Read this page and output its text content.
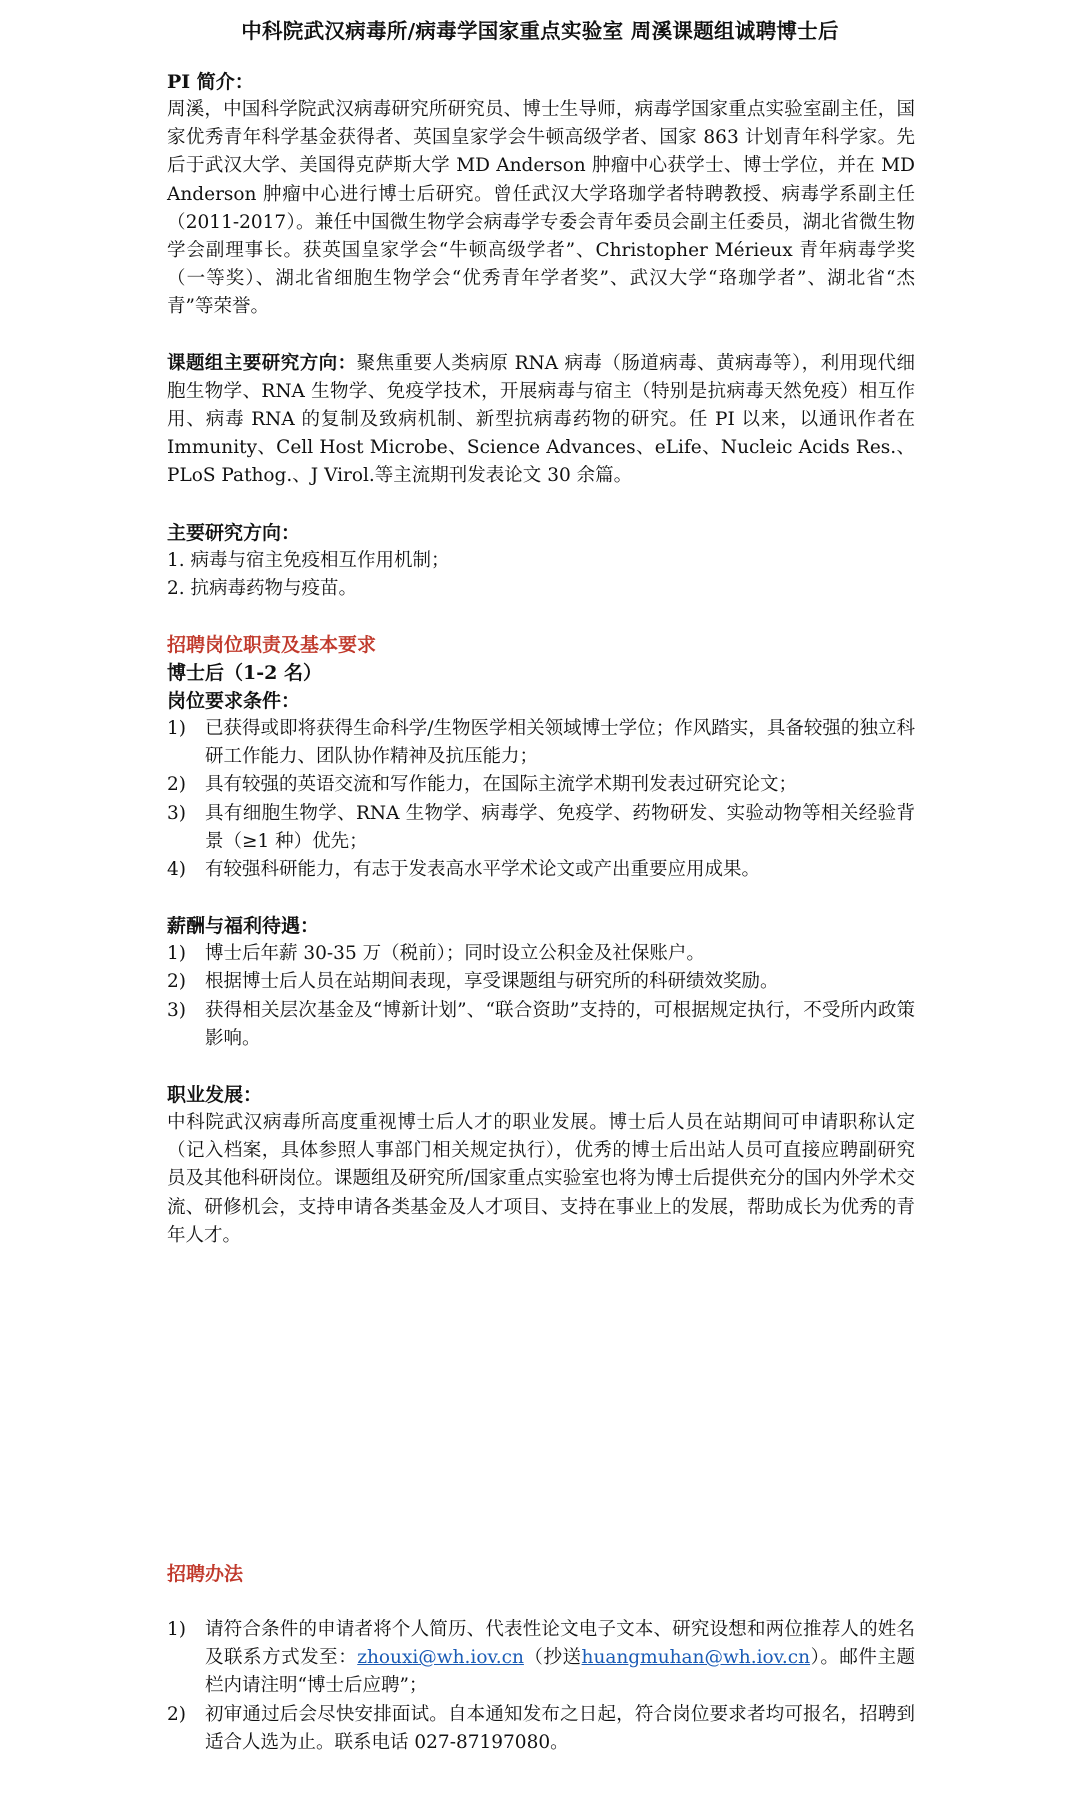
中科院武汉病毒所/病毒学国家重点实验室 周溪课题组诚聘博士后
PI 简介：

周溪，中国科学院武汉病毒研究所研究员、博士生导师，病毒学国家重点实验室副主任，国家优秀青年科学基金获得者、英国皇家学会牛顿高级学者、国家 863 计划青年科学家。先后于武汉大学、美国得克萨斯大学 MD Anderson 肿瘤中心获学士、博士学位，并在 MD Anderson 肿瘤中心进行博士后研究。曾任武汉大学珞珈学者特聘教授、病毒学系副主任（2011-2017）。兼任中国微生物学会病毒学专委会青年委员会副主任委员，湖北省微生物学会副理事长。获英国皇家学会“牛顿高级学者”、Christopher Mérieux 青年病毒学奖（一等奖）、湖北省细胞生物学会“优秀青年学者奖”、武汉大学“珞珈学者”、湖北省“杰青”等荣誉。

课题组主要研究方向：聚焦重要人类病原 RNA 病毒（肠道病毒、黄病毒等），利用现代细胞生物学、RNA 生物学、免疫学技术，开展病毒与宿主（特别是抗病毒天然免疫）相互作用、病毒 RNA 的复制及致病机制、新型抗病毒药物的研究。任 PI 以来，以通讯作者在 Immunity、Cell Host Microbe、Science Advances、eLife、Nucleic Acids Res.、PLoS Pathog.、J Virol.等主流期刊发表论文 30 余篇。

主要研究方向：
1. 病毒与宿主免疫相互作用机制；
2. 抗病毒药物与疫苗。
招聘岗位职责及基本要求
博士后（1-2 名）
岗位要求条件：
1) 已获得或即将获得生命科学/生物医学相关领域博士学位；作风踏实，具备较强的独立科研工作能力、团队协作精神及抗压能力；
2) 具有较强的英语交流和写作能力，在国际主流学术期刊发表过研究论文；
3) 具有细胞生物学、RNA 生物学、病毒学、免疫学、药物研发、实验动物等相关经验背景（≥1 种）优先；
4) 有较强科研能力，有志于发表高水平学术论文或产出重要应用成果。
薪酬与福利待遇：
1) 博士后年薪 30-35 万（税前）；同时设立公积金及社保账户。
2) 根据博士后人员在站期间表现，享受课题组与研究所的科研绩效奖励。
3) 获得相关层次基金及“博新计划”、“联合资助”支持的，可根据规定执行，不受所内政策影响。
职业发展：

中科院武汉病毒所高度重视博士后人才的职业发展。博士后人员在站期间可申请职称认定（记入档案，具体参照人事部门相关规定执行），优秀的博士后出站人员可直接应聘副研究员及其他科研岗位。课题组及研究所/国家重点实验室也将为博士后提供充分的国内外学术交流、研修机会，支持申请各类基金及人才项目、支持在事业上的发展，帮助成长为优秀的青年人才。

招聘办法
1) 请符合条件的申请者将个人简历、代表性论文电子文本、研究设想和两位推荐人的姓名及联系方式发至：zhouxi@wh.iov.cn（抄送huangmuhan@wh.iov.cn）。邮件主题栏内请注明“博士后应聘”；
2) 初审通过后会尽快安排面试。自本通知发布之日起，符合岗位要求者均可报名，招聘到适合人选为止。联系电话 027-87197080。
